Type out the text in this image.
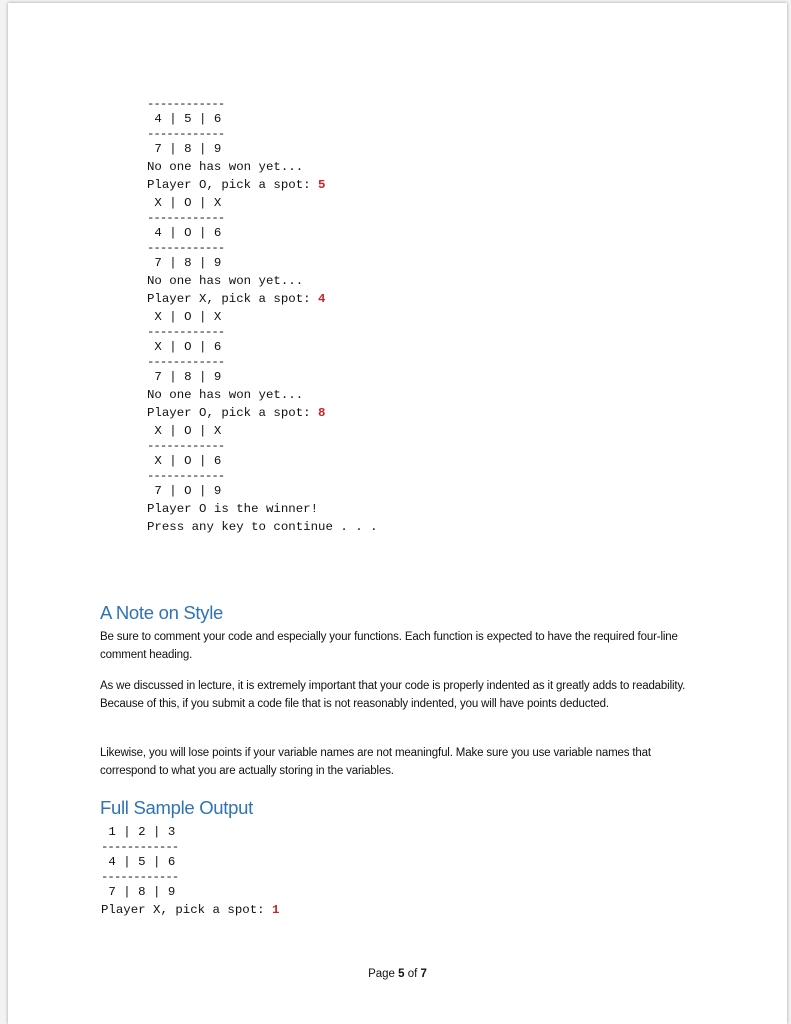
------------
4 | 5 | 6
------------
7 | 8 | 9
No one has won yet...
Player O, pick a spot: 5
X | O | X
------------
4 | O | 6
------------
7 | 8 | 9
No one has won yet...
Player X, pick a spot: 4
X | O | X
------------
X | O | 6
------------
7 | 8 | 9
No one has won yet...
Player O, pick a spot: 8
X | O | X
------------
X | O | 6
------------
7 | O | 9
Player O is the winner!
Press any key to continue . . .
A Note on Style

Be sure to comment your code and especially your functions. Each function is expected to have the required four-line comment heading.

As we discussed in lecture, it is extremely important that your code is properly indented as it greatly adds to readability. Because of this, if you submit a code file that is not reasonably indented, you will have points deducted.

Likewise, you will lose points if your variable names are not meaningful. Make sure you use variable names that correspond to what you are actually storing in the variables.

Full Sample Output
1 | 2 | 3
------------
4 | 5 | 6
------------
7 | 8 | 9
Player X, pick a spot: 1
Page 5 of 7
